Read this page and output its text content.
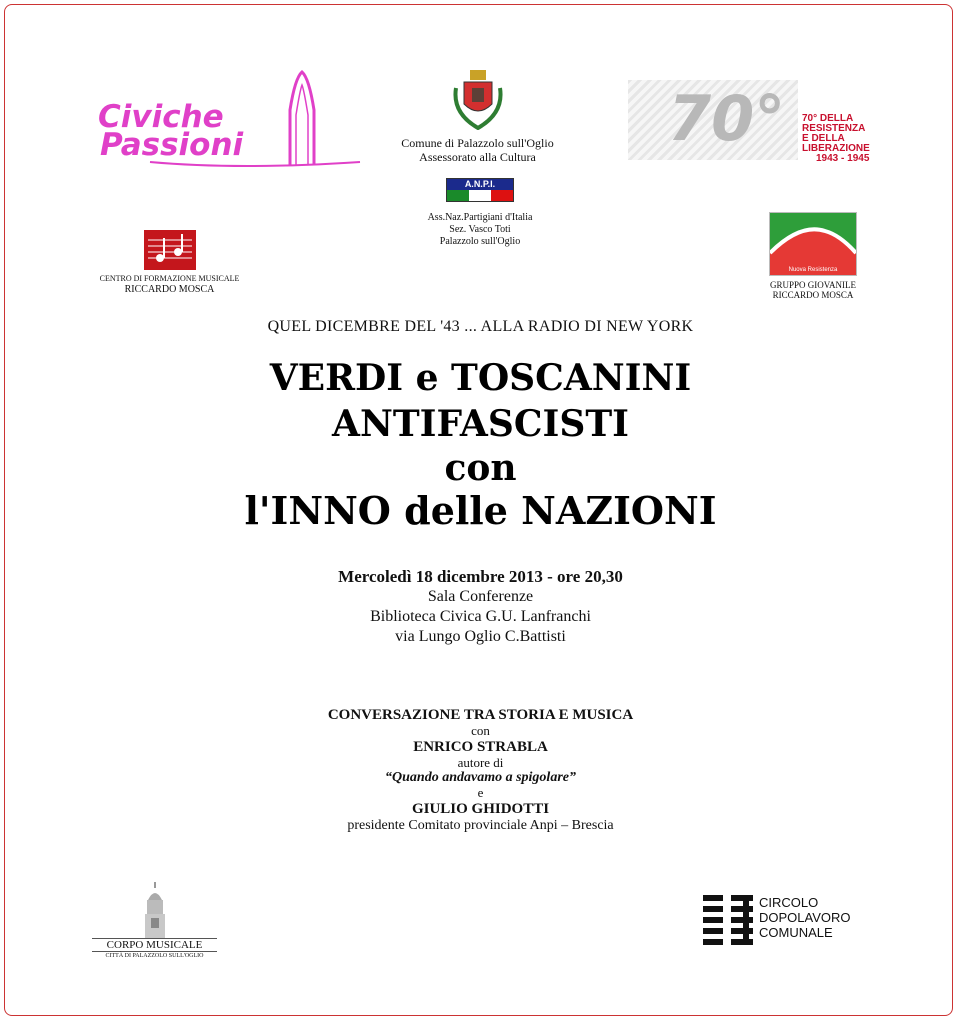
Civiche
Passioni	Comune di Palazzolo sull'Oglio
Assessorato alla Cultura
A.N.P.I.
Ass.Naz.Partigiani d'Italia
Sez. Vasco Toti
Palazzolo sull'Oglio
70° 70° DELLA
RESISTENZA
E DELLA
LIBERAZIONE
1943 - 1945
CENTRO DI FORMAZIONE MUSICALE
RICCARDO MOSCA
Nuova Resistenza
GRUPPO GIOVANILE
RICCARDO MOSCA
QUEL DICEMBRE DEL '43 ... ALLA RADIO DI NEW YORK
VERDI e TOSCANINI
ANTIFASCISTI
con
l'INNO delle NAZIONI
Mercoledì 18 dicembre 2013 - ore 20,30
Sala Conferenze
Biblioteca Civica G.U. Lanfranchi
via Lungo Oglio C.Battisti
CONVERSAZIONE TRA STORIA E MUSICA
con
ENRICO STRABLA
autore di
“Quando andavamo a spigolare”
e
GIULIO GHIDOTTI
presidente Comitato provinciale Anpi – Brescia
CORPO MUSICALE
CITTÀ DI PALAZZOLO SULL'OGLIO
CIRCOLO
DOPOLAVORO
COMUNALE
